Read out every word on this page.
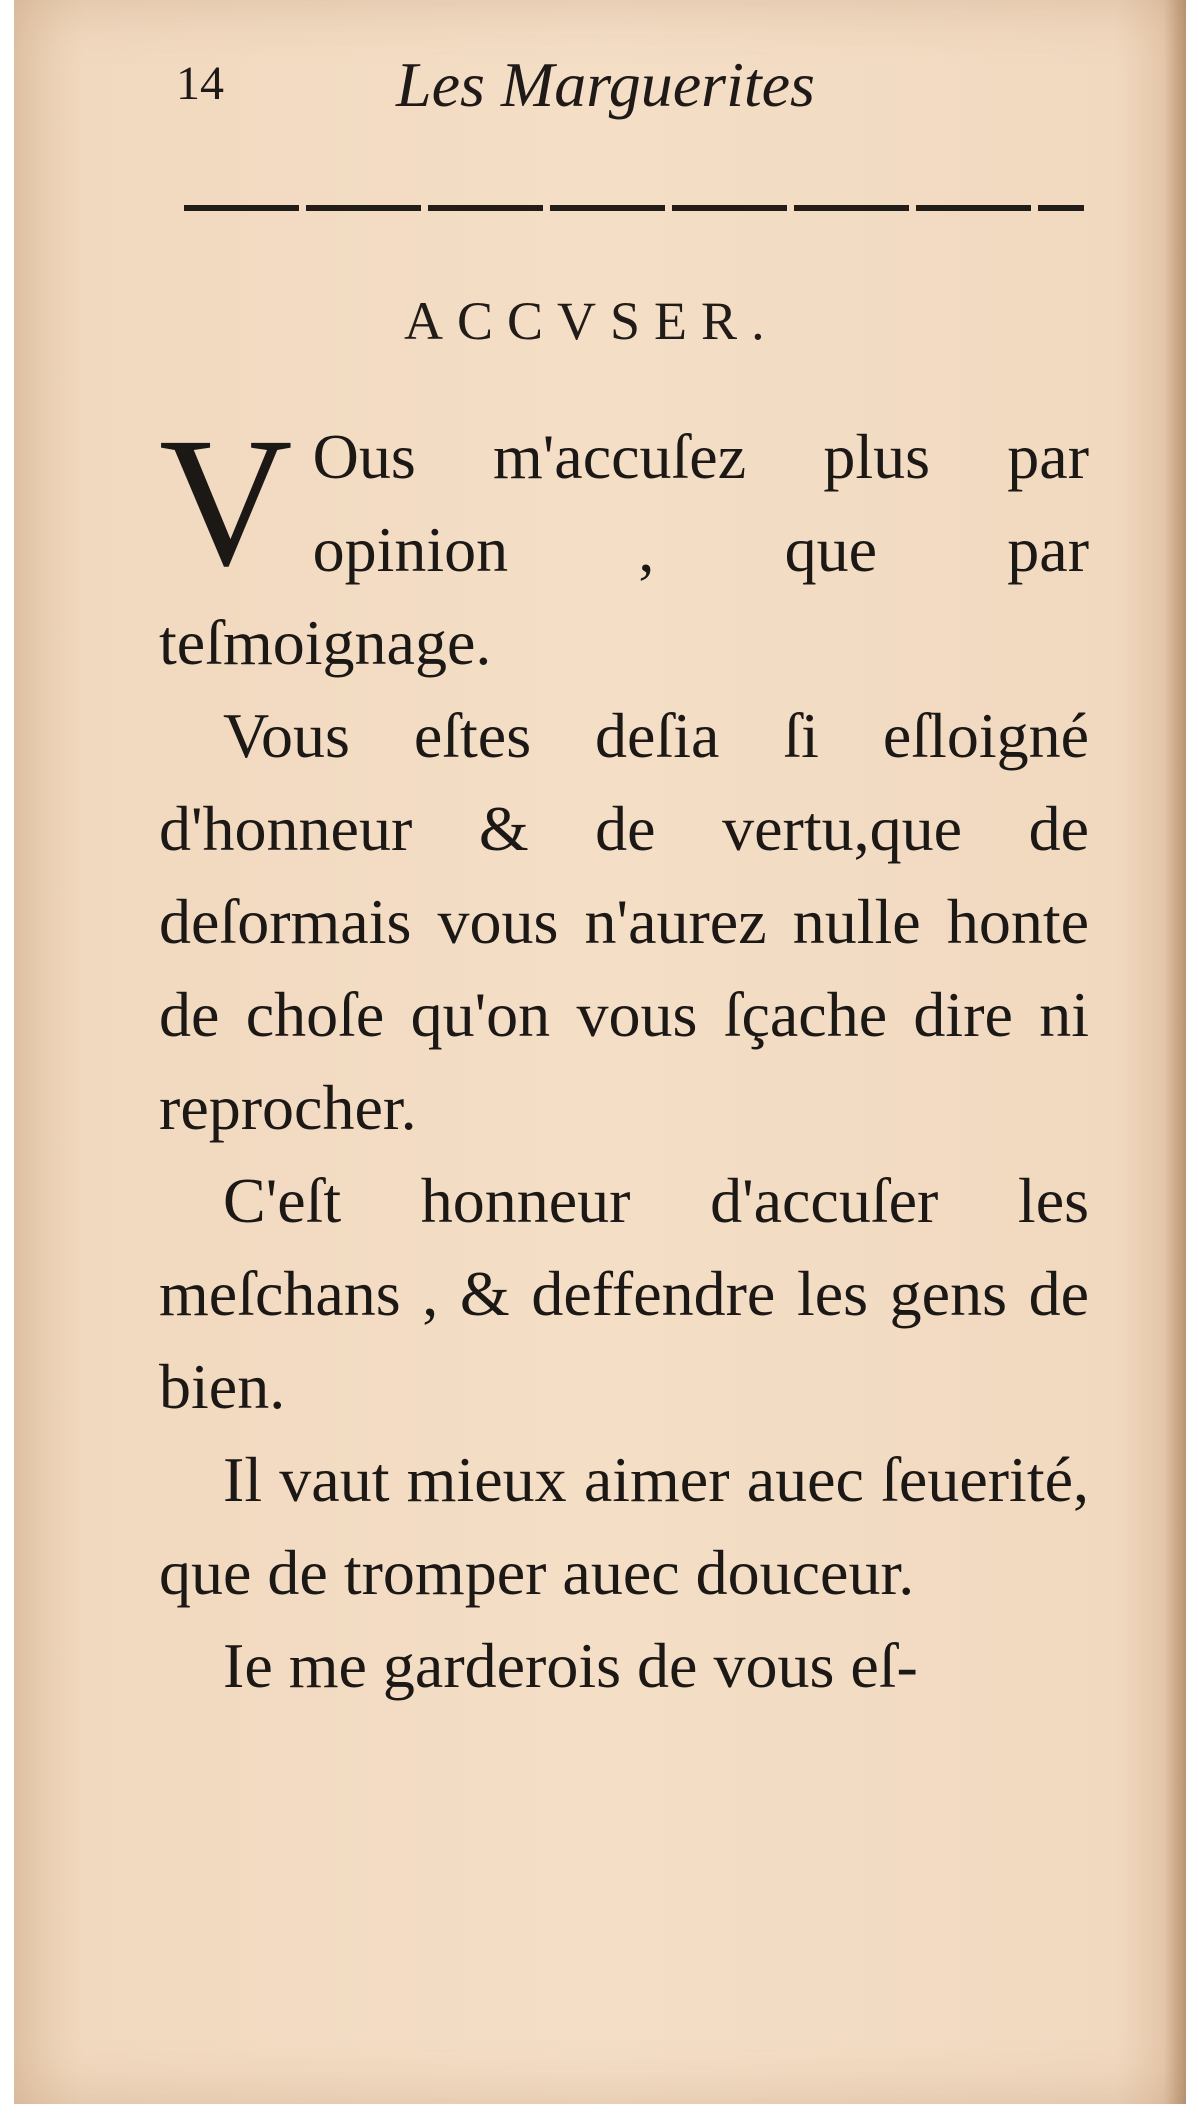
14	Les Marguerites
ACCVSER.

V Ous m'accuſez plus par opinion , que par teſmoignage.

Vous eſtes deſia ſi eſloigné d'honneur & de vertu,que de deſormais vous n'aurez nulle honte de choſe qu'on vous ſçache dire ni reprocher.

C'eſt honneur d'accuſer les meſchans , & deffendre les gens de bien.

Il vaut mieux aimer auec ſeuerité, que de tromper auec douceur.

Ie me garderois de vous eſ-
